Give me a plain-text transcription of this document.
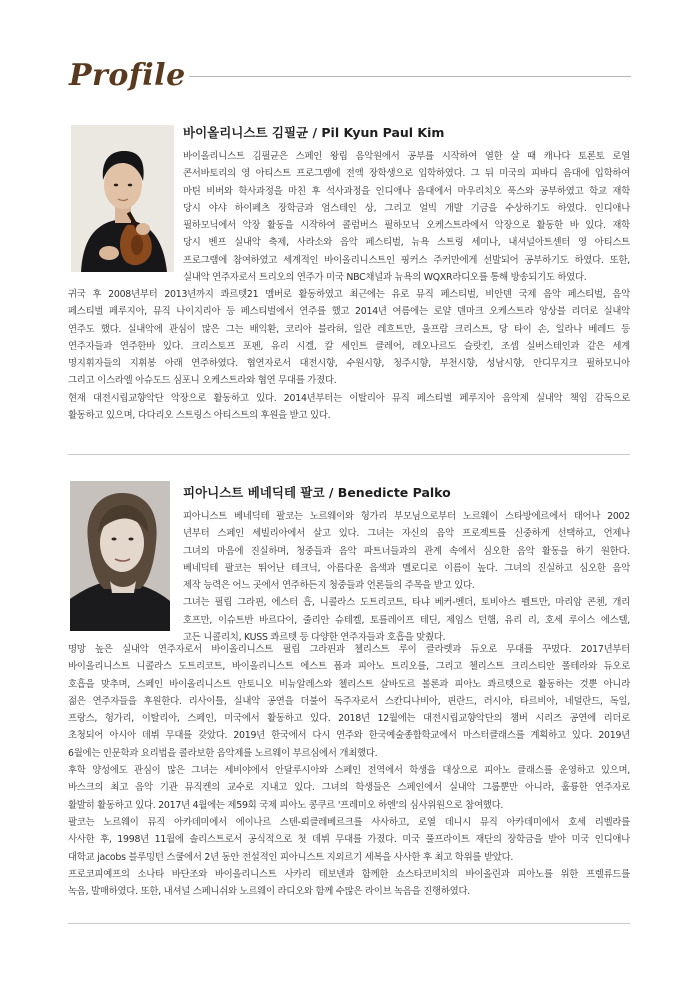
Profile
바이올리니스트 김필균 / Pil Kyun Paul Kim
바이올리니스트 김필균은 스페인 왕립 음악원에서 공부를 시작하여 열한 살 때 캐나다 토론토 로열
콘서바토리의 영 아티스트 프로그램에 전액 장학생으로 입학하였다. 그 뒤 미국의 피바디 음대에 입학하여
마틴 비버와 학사과정을 마친 후 석사과정을 인디애나 음대에서 마우리치오 푹스와 공부하였고 학교 재학
당시 야샤 하이페츠 장학금과 엄스테인 상, 그리고 얼빅 개발 기금을 수상하기도 하였다. 인디애나
필하모닉에서 악장 활동을 시작하여 콜럼버스 필하모닉 오케스트라에서 악장으로 활동한 바 있다. 재학
당시 벤프 실내악 축제, 사라소와 음악 페스티벌, 뉴욕 스트링 세미나, 내셔널아트센터 영 아티스트
프로그램에 참여하였고 세계적인 바이올리니스트인 핑커스 주커만에게 선발되어 공부하기도 하였다. 또한,
실내악 연주자로서 트리오의 연주가 미국 NBC채널과 뉴욕의 WQXR라디오를 통해 방송되기도 하였다.
귀국 후 2008년부터 2013년까지 콰르텟21 멤버로 활동하였고 최근에는 유로 뮤직 페스티벌, 비안덴 국제 음악 페스티벌, 음악
페스티벌 페루지아, 뮤직 나이지리아 등 페스티벌에서 연주를 했고 2014년 여름에는 로얄 덴마크 오케스트라 앙상블 리더로 실내악
연주도 했다. 실내악에 관심이 많은 그는 배익환, 코리아 블라허, 일란 레흐트만, 울프람 크리스트, 당 타이 손, 일라나 베레드 등
연주자들과 연주한바 있다. 크리스토프 포펜, 유리 시겔, 칼 세인트 클레어, 레오나르도 슬랏킨, 조셉 실버스테인과 같은 세계
명지휘자들의 지휘봉 아래 연주하였다. 협연자로서 대전시향, 수원시향, 청주시향, 부천시향, 성남시향, 안디무지크 필하모니아
그리고 이스라엘 아슈도드 심포니 오케스트라와 협연 무대를 가졌다.
현재 대전시립교향악단 악장으로 활동하고 있다. 2014년부터는 이탈리아 뮤직 페스티벌 페루지아 음악제 실내악 책임 감독으로
활동하고 있으며, 다다리오 스트링스 아티스트의 후원을 받고 있다.
피아니스트 베네딕테 팔코 / Benedicte Palko
피아니스트 베네딕테 팔코는 노르웨이와 헝가리 부모님으로부터 노르웨이 스타방에르에서 태어나 2002
년부터 스페인 세빌리아에서 살고 있다. 그녀는 자신의 음악 프로젝트를 신중하게 선택하고, 언제나
그녀의 마음에 진실하며, 청중들과 음악 파트너들과의 관계 속에서 심오한 음악 활동을 하기 원한다.
베네딕테 팔코는 뛰어난 테크닉, 아름다운 음색과 멜로디로 이름이 높다. 그녀의 진실하고 심오한 음악
제작 능력은 어느 곳에서 연주하든지 청중들과 언론들의 주목을 받고 있다.
그녀는 필립 그라핀, 에스터 흡, 니콜라스 도트리코트, 타냐 베커-벤더, 토비아스 펠트만, 마리암 콘첸, 개리
호프만, 이슈트반 바르다이, 줄리안 슈테켈, 토를레이프 테딘, 제임스 던햄, 유리 리, 호세 루이스 에스텔,
고든 니콜리치, KUSS 콰르텟 등 다양한 연주자들과 호흡을 맞췄다.
명망 높은 실내악 연주자로서 바이올리니스트 필립 그라핀과 첼리스트 루이 클라렛과 듀오로 무대를 꾸몄다. 2017년부터
바이올리니스트 니콜라스 도트리코트, 바이올리니스트 에스트 폽과 피아노 트리오를, 그리고 첼리스트 크리스티안 폴테라와 듀오로
호흡을 맞추며, 스페인 바이올리니스트 안토니오 비뉴알레스와 첼리스트 살바도르 볼론과 피아노 콰르텟으로 활동하는 것뿐 아니라
젊은 연주자들을 후원한다. 리사이틀, 실내악 공연을 더불어 독주자로서 스칸디나비아, 핀란드, 러시아, 타르비아, 네덜란드, 독일,
프랑스, 헝가리, 이탈리아, 스페인, 미국에서 활동하고 있다. 2018년 12월에는 대전시립교향악단의 챔버 시리즈 공연에 리더로
초청되어 아시아 데뷔 무대를 갖았다. 2019년 한국에서 다시 연주와 한국예술종합학교에서 마스터클래스를 계획하고 있다. 2019년
6월에는 인문학과 요리법을 콜라보한 음악제를 노르웨이 부르심에서 개최했다.
후학 양성에도 관심이 많은 그녀는 세비야에서 안달루시아와 스페인 전역에서 학생을 대상으로 피아노 클래스를 운영하고 있으며,
바스크의 최고 음악 기관 뮤직켄의 교수로 지내고 있다. 그녀의 학생들은 스페인에서 실내악 그룹뿐만 아니라, 훌륭한 연주자로
활발히 활동하고 있다. 2017년 4월에는 제59회 국제 피아노 콩쿠르 '프레미오 하엔'의 심사위원으로 참여했다.
팔코는 노르웨이 뮤직 아카데미에서 에이나르 스텐-뢰클레베르크를 사사하고, 로열 데니시 뮤직 아카데미에서 호세 리벨라를
사사한 후, 1998년 11월에 솔리스트로서 공식적으로 첫 데뷔 무대를 가졌다. 미국 풀프라이트 재단의 장학금을 받아 미국 인디애나
대학교 jacobs 블루밍턴 스쿨에서 2년 동안 전설적인 피아니스트 지외르기 세복을 사사한 후 최고 학위를 받았다.
프로코피예프의 소나타 바단조와 바이올리니스트 사카리 테보넨과 함께한 쇼스타코비치의 바이올린과 피아노를 위한 프렐류드를
녹음, 발매하였다. 또한, 내셔널 스페니쉬와 노르웨이 라디오와 함께 수많은 라이브 녹음을 진행하였다.
